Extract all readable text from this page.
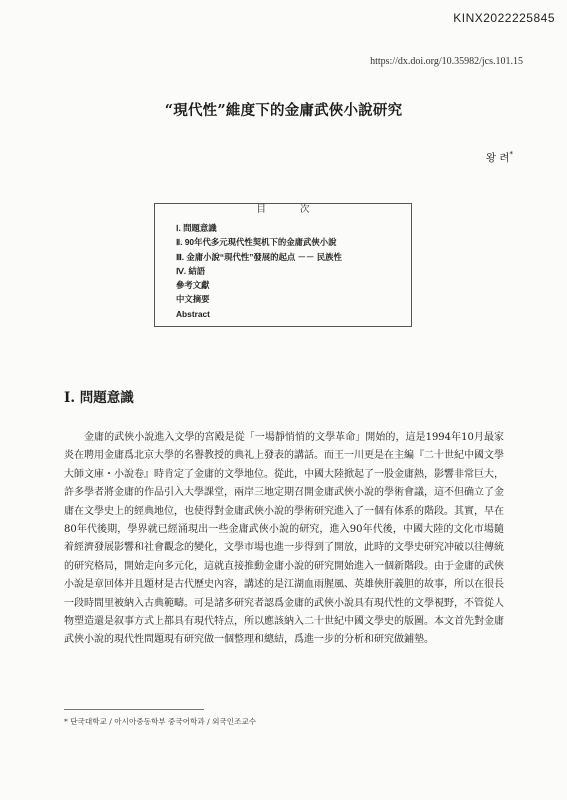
KINX2022225845
https://dx.doi.org/10.35982/jcs.101.15
“現代性”維度下的金庸武俠小說研究
왕 려*
目次
Ⅰ. 問題意識
Ⅱ. 90年代多元現代性契机下的金庸武俠小說
Ⅲ. 金庸小說“現代性”發展的起点 －－ 民族性
Ⅳ. 結語
參考文獻
中文摘要
Abstract
Ⅰ. 問題意識

金庸的武俠小說進入文學的宮殿是從「一場靜悄悄的文學革命」開始的，這是1994年10月最家炎在聘用金庸爲北京大學的名譽教授的典礼上發表的講話。而王一川更是在主編『二十世紀中國文學大師文庫・小說卷』時肯定了金庸的文學地位。從此，中國大陸掀起了一股金庸熱，影響非常巨大，許多學者將金庸的作品引入大學課堂，兩岸三地定期召開金庸武俠小說的學術會議，這不但确立了金庸在文學史上的經典地位，也使得對金庸武俠小說的學術研究進入了一個有体系的階段。其實，早在80年代後期，學界就已經涌現出一些金庸武俠小說的研究，進入90年代後，中國大陸的文化市場隨着經濟發展影響和社會觀念的變化，文學市場也進一步得到了開放，此時的文學史研究冲破以往傳統的研究格局，開始走向多元化，這就直接推動金庸小說的研究開始進入一個新階段。由于金庸的武俠小說是章回体并且題材是古代歷史內容，講述的是江湖血雨腥風、英雄俠肝義胆的故事，所以在很長一段時間里被納入古典範疇。可是諸多研究者認爲金庸的武俠小說具有現代性的文學視野，不管從人物塑造還是叙事方式上都具有現代特点，所以應該納入二十世紀中國文學史的版圖。本文首先對金庸武俠小說的現代性問題現有研究做一個整理和總結，爲進一步的分析和研究做鋪墊。

* 단국대학교 / 아시아중동학부 중국어학과 / 외국인조교수
